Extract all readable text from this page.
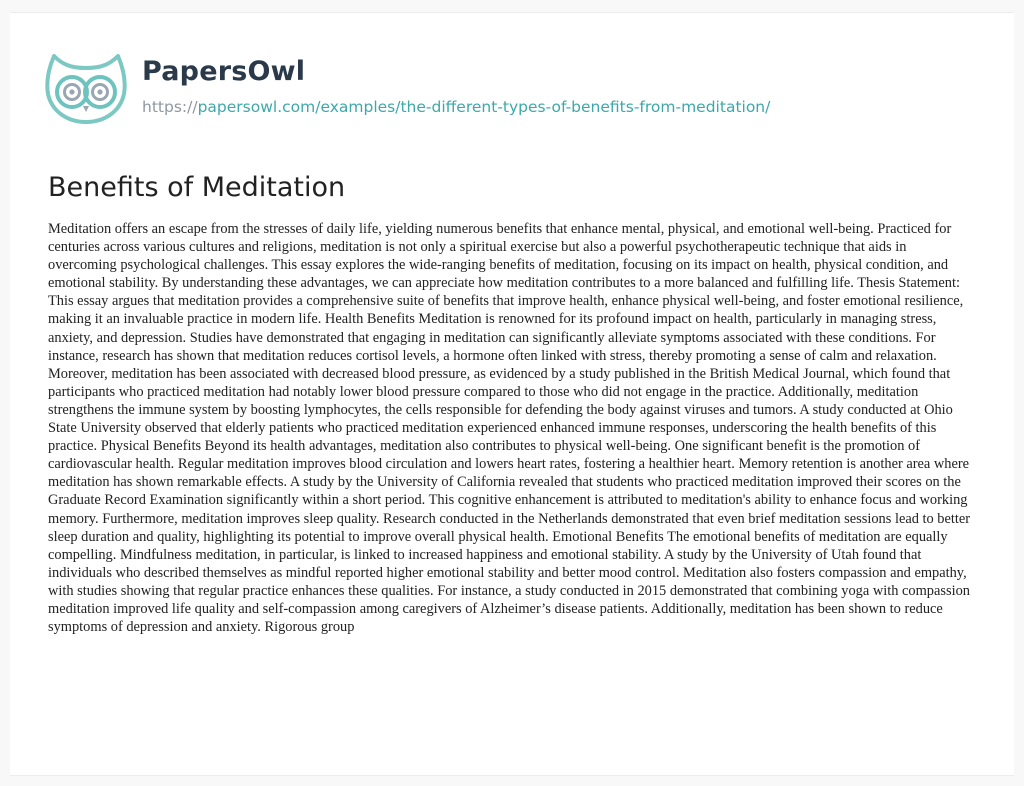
PapersOwl
https://papersowl.com/examples/the-different-types-of-benefits-from-meditation/
Benefits of Meditation

Meditation offers an escape from the stresses of daily life, yielding numerous benefits that enhance mental, physical, and emotional well-being. Practiced for centuries across various cultures and religions, meditation is not only a spiritual exercise but also a powerful psychotherapeutic technique that aids in overcoming psychological challenges. This essay explores the wide-ranging benefits of meditation, focusing on its impact on health, physical condition, and emotional stability. By understanding these advantages, we can appreciate how meditation contributes to a more balanced and fulfilling life. Thesis Statement: This essay argues that meditation provides a comprehensive suite of benefits that improve health, enhance physical well-being, and foster emotional resilience, making it an invaluable practice in modern life. Health Benefits Meditation is renowned for its profound impact on health, particularly in managing stress, anxiety, and depression. Studies have demonstrated that engaging in meditation can significantly alleviate symptoms associated with these conditions. For instance, research has shown that meditation reduces cortisol levels, a hormone often linked with stress, thereby promoting a sense of calm and relaxation. Moreover, meditation has been associated with decreased blood pressure, as evidenced by a study published in the British Medical Journal, which found that participants who practiced meditation had notably lower blood pressure compared to those who did not engage in the practice. Additionally, meditation strengthens the immune system by boosting lymphocytes, the cells responsible for defending the body against viruses and tumors. A study conducted at Ohio State University observed that elderly patients who practiced meditation experienced enhanced immune responses, underscoring the health benefits of this practice. Physical Benefits Beyond its health advantages, meditation also contributes to physical well-being. One significant benefit is the promotion of cardiovascular health. Regular meditation improves blood circulation and lowers heart rates, fostering a healthier heart. Memory retention is another area where meditation has shown remarkable effects. A study by the University of California revealed that students who practiced meditation improved their scores on the Graduate Record Examination significantly within a short period. This cognitive enhancement is attributed to meditation's ability to enhance focus and working memory. Furthermore, meditation improves sleep quality. Research conducted in the Netherlands demonstrated that even brief meditation sessions lead to better sleep duration and quality, highlighting its potential to improve overall physical health. Emotional Benefits The emotional benefits of meditation are equally compelling. Mindfulness meditation, in particular, is linked to increased happiness and emotional stability. A study by the University of Utah found that individuals who described themselves as mindful reported higher emotional stability and better mood control. Meditation also fosters compassion and empathy, with studies showing that regular practice enhances these qualities. For instance, a study conducted in 2015 demonstrated that combining yoga with compassion meditation improved life quality and self-compassion among caregivers of Alzheimer’s disease patients. Additionally, meditation has been shown to reduce symptoms of depression and anxiety. Rigorous group
